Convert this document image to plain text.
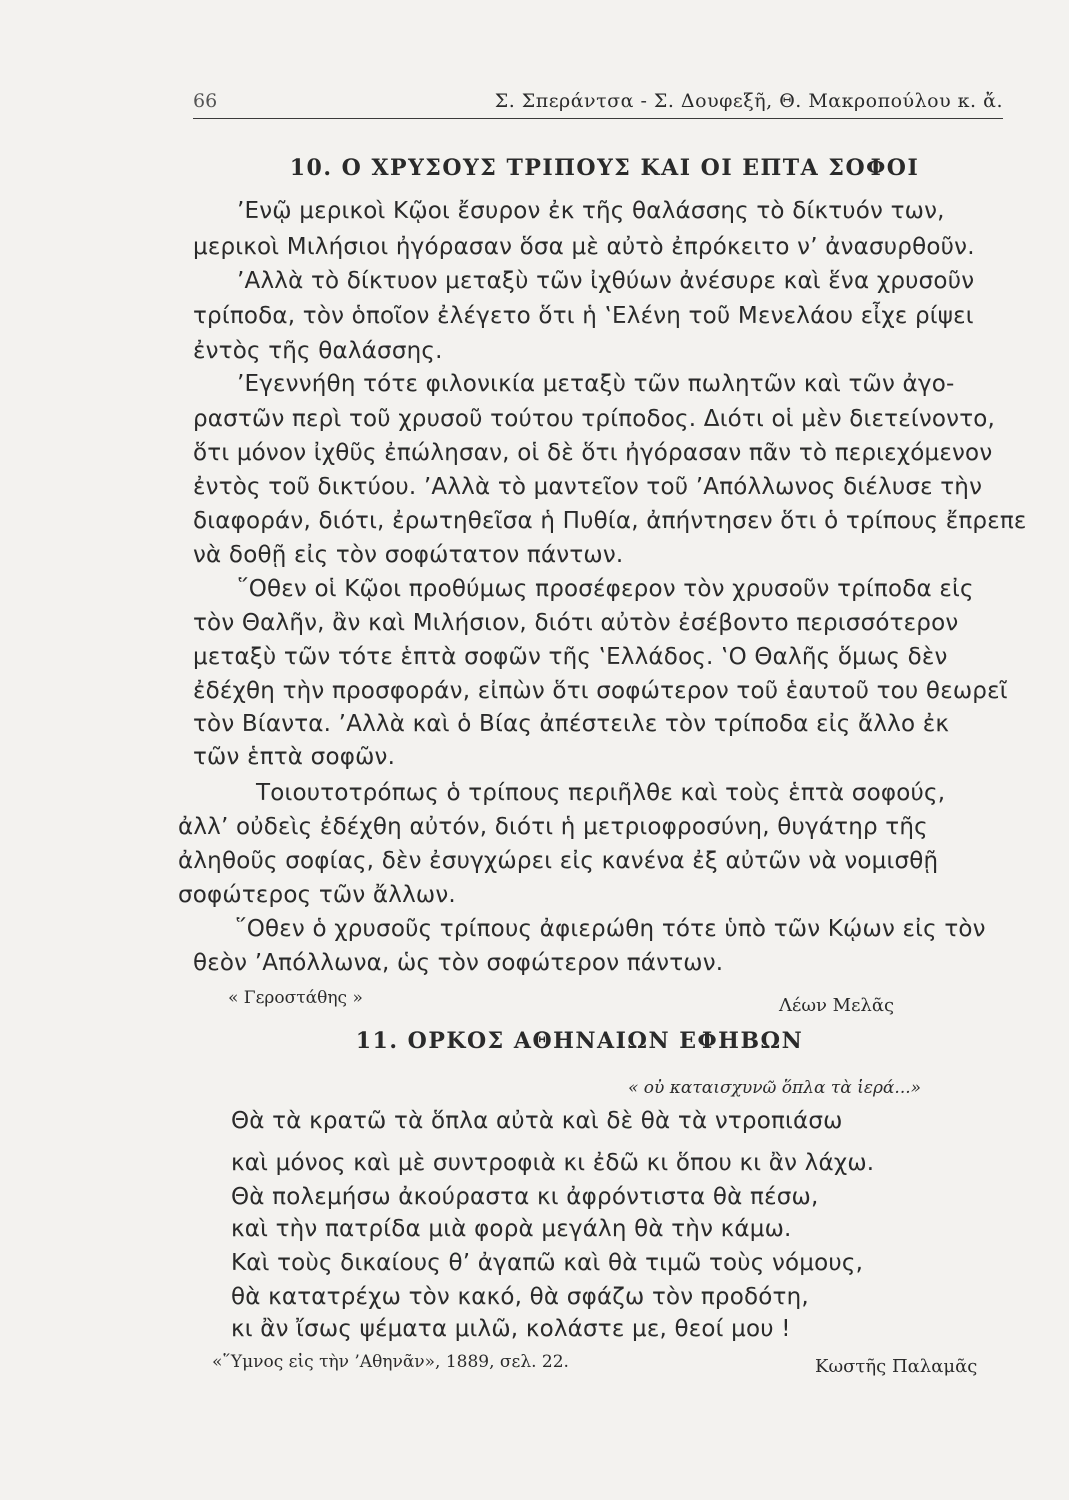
66	Σ. Σπεράντσα - Σ. Δουφεξῆ, Θ. Μακροπούλου κ. ἄ.
10. Ο ΧΡΥΣΟΥΣ ΤΡΙΠΟΥΣ ΚΑΙ ΟΙ ΕΠΤΑ ΣΟΦΟΙ
’Ενῷ μερικοὶ Κῷοι ἔσυρον ἐκ τῆς θαλάσσης τὸ δίκτυόν των,
μερικοὶ Μιλήσιοι ἠγόρασαν ὅσα μὲ αὐτὸ ἐπρόκειτο ν’ ἀνασυρθοῦν.
’Αλλὰ τὸ δίκτυον μεταξὺ τῶν ἰχθύων ἀνέσυρε καὶ ἕνα χρυσοῦν
τρίποδα, τὸν ὁποῖον ἐλέγετο ὅτι ἡ ‛Ελένη τοῦ Μενελάου εἶχε ρίψει
ἐντὸς τῆς θαλάσσης.
’Εγεννήθη τότε φιλονικία μεταξὺ τῶν πωλητῶν καὶ τῶν ἀγο-
ραστῶν περὶ τοῦ χρυσοῦ τούτου τρίποδος. Διότι οἱ μὲν διετείνοντο,
ὅτι μόνον ἰχθῦς ἐπώλησαν, οἱ δὲ ὅτι ἠγόρασαν πᾶν τὸ περιεχόμενον
ἐντὸς τοῦ δικτύου. ’Αλλὰ τὸ μαντεῖον τοῦ ’Απόλλωνος διέλυσε τὴν
διαφοράν, διότι, ἐρωτηθεῖσα ἡ Πυθία, ἀπήντησεν ὅτι ὁ τρίπους ἔπρεπε
νὰ δοθῇ εἰς τὸν σοφώτατον πάντων.
῞Οθεν οἱ Κῷοι προθύμως προσέφερον τὸν χρυσοῦν τρίποδα εἰς
τὸν Θαλῆν, ἂν καὶ Μιλήσιον, διότι αὐτὸν ἐσέβοντο περισσότερον
μεταξὺ τῶν τότε ἑπτὰ σοφῶν τῆς ‛Ελλάδος. ‛Ο Θαλῆς ὅμως δὲν
ἐδέχθη τὴν προσφοράν, εἰπὼν ὅτι σοφώτερον τοῦ ἑαυτοῦ του θεωρεῖ
τὸν Βίαντα. ’Αλλὰ καὶ ὁ Βίας ἀπέστειλε τὸν τρίποδα εἰς ἄλλο ἐκ
τῶν ἑπτὰ σοφῶν.
Τοιουτοτρόπως ὁ τρίπους περιῆλθε καὶ τοὺς ἑπτὰ σοφούς,
ἀλλ’ οὐδεὶς ἐδέχθη αὐτόν, διότι ἡ μετριοφροσύνη, θυγάτηρ τῆς
ἀληθοῦς σοφίας, δὲν ἐσυγχώρει εἰς κανένα ἐξ αὐτῶν νὰ νομισθῇ
σοφώτερος τῶν ἄλλων.
῞Οθεν ὁ χρυσοῦς τρίπους ἀφιερώθη τότε ὑπὸ τῶν Κῴων εἰς τὸν
θεὸν ’Απόλλωνα, ὡς τὸν σοφώτερον πάντων.
« Γεροστάθης »	Λέων Μελᾶς
11. ΟΡΚΟΣ ΑΘΗΝΑΙΩΝ ΕΦΗΒΩΝ
« οὐ καταισχυνῶ ὅπλα τὰ ἱερά...»
Θὰ τὰ κρατῶ τὰ ὅπλα αὐτὰ καὶ δὲ θὰ τὰ ντροπιάσω
καὶ μόνος καὶ μὲ συντροφιὰ κι ἐδῶ κι ὅπου κι ἂν λάχω.
Θὰ πολεμήσω ἀκούραστα κι ἀφρόντιστα θὰ πέσω,
καὶ τὴν πατρίδα μιὰ φορὰ μεγάλη θὰ τὴν κάμω.
Καὶ τοὺς δικαίους θ’ ἀγαπῶ καὶ θὰ τιμῶ τοὺς νόμους,
θὰ κατατρέχω τὸν κακό, θὰ σφάζω τὸν προδότη,
κι ἂν ἴσως ψέματα μιλῶ, κολάστε με, θεοί μου !
«῞Υμνος εἰς τὴν ’Αθηνᾶν», 1889, σελ. 22.	Κωστῆς Παλαμᾶς
